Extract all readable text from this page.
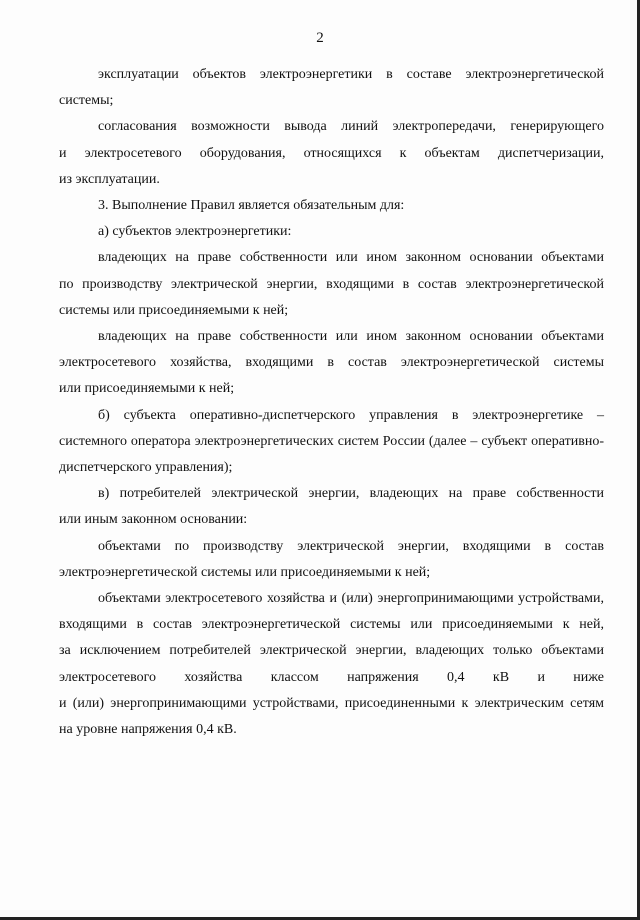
2

эксплуатации объектов электроэнергетики в составе электроэнергетической
системы;

согласования возможности вывода линий электропередачи, генерирующего
и электросетевого оборудования, относящихся к объектам диспетчеризации,
из эксплуатации.

3. Выполнение Правил является обязательным для:

а) субъектов электроэнергетики:

владеющих на праве собственности или ином законном основании объектами
по производству электрической энергии, входящими в состав электроэнергетической
системы или присоединяемыми к ней;

владеющих на праве собственности или ином законном основании объектами
электросетевого хозяйства, входящими в состав электроэнергетической системы
или присоединяемыми к ней;

б) субъекта оперативно-диспетчерского управления в электроэнергетике –
системного оператора электроэнергетических систем России (далее – субъект оперативно-
диспетчерского управления);

в) потребителей электрической энергии, владеющих на праве собственности
или иным законном основании:

объектами по производству электрической энергии, входящими в состав
электроэнергетической системы или присоединяемыми к ней;

объектами электросетевого хозяйства и (или) энергопринимающими устройствами,
входящими в состав электроэнергетической системы или присоединяемыми к ней,
за исключением потребителей электрической энергии, владеющих только объектами
электросетевого хозяйства классом напряжения 0,4 кВ и ниже
и (или) энергопринимающими устройствами, присоединенными к электрическим сетям
на уровне напряжения 0,4 кВ.
